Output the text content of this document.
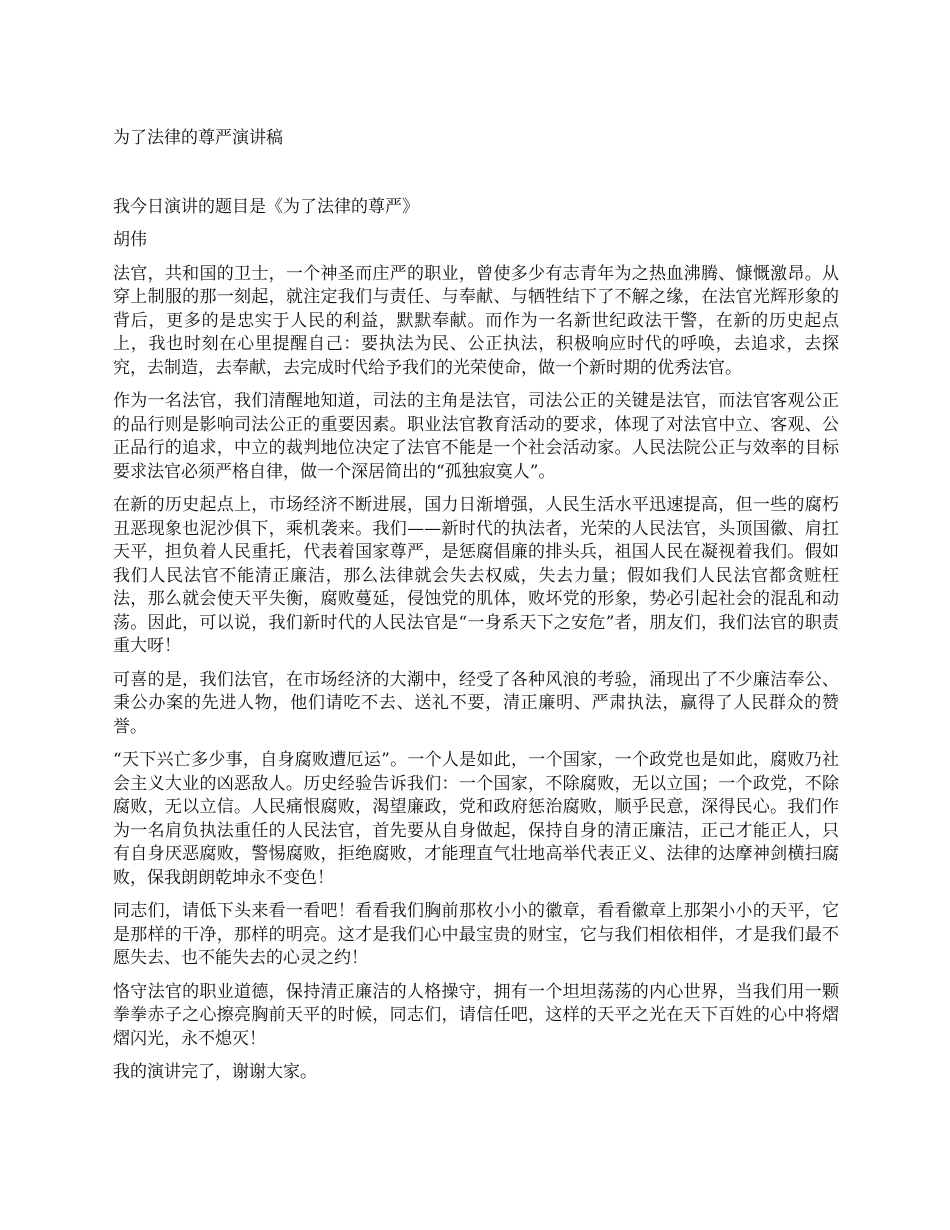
为了法律的尊严演讲稿
我今日演讲的题目是《为了法律的尊严》
胡伟

法官，共和国的卫士，一个神圣而庄严的职业，曾使多少有志青年为之热血沸腾、慷慨激昂。从穿上制服的那一刻起，就注定我们与责任、与奉献、与牺牲结下了不解之缘，在法官光辉形象的背后，更多的是忠实于人民的利益，默默奉献。而作为一名新世纪政法干警，在新的历史起点上，我也时刻在心里提醒自己：要执法为民、公正执法，积极响应时代的呼唤，去追求，去探究，去制造，去奉献，去完成时代给予我们的光荣使命，做一个新时期的优秀法官。

作为一名法官，我们清醒地知道，司法的主角是法官，司法公正的关键是法官，而法官客观公正的品行则是影响司法公正的重要因素。职业法官教育活动的要求，体现了对法官中立、客观、公正品行的追求，中立的裁判地位决定了法官不能是一个社会活动家。人民法院公正与效率的目标要求法官必须严格自律，做一个深居简出的“孤独寂寞人”。

在新的历史起点上，市场经济不断进展，国力日渐增强，人民生活水平迅速提高，但一些的腐朽丑恶现象也泥沙俱下，乘机袭来。我们——新时代的执法者，光荣的人民法官，头顶国徽、肩扛天平，担负着人民重托，代表着国家尊严，是惩腐倡廉的排头兵，祖国人民在凝视着我们。假如我们人民法官不能清正廉洁，那么法律就会失去权威，失去力量；假如我们人民法官都贪赃枉法，那么就会使天平失衡，腐败蔓延，侵蚀党的肌体，败坏党的形象，势必引起社会的混乱和动荡。因此，可以说，我们新时代的人民法官是“一身系天下之安危”者，朋友们，我们法官的职责重大呀！

可喜的是，我们法官，在市场经济的大潮中，经受了各种风浪的考验，涌现出了不少廉洁奉公、秉公办案的先进人物，他们请吃不去、送礼不要，清正廉明、严肃执法，赢得了人民群众的赞誉。

“天下兴亡多少事，自身腐败遭厄运”。一个人是如此，一个国家，一个政党也是如此，腐败乃社会主义大业的凶恶敌人。历史经验告诉我们：一个国家，不除腐败，无以立国；一个政党，不除腐败，无以立信。人民痛恨腐败，渴望廉政，党和政府惩治腐败，顺乎民意，深得民心。我们作为一名肩负执法重任的人民法官，首先要从自身做起，保持自身的清正廉洁，正己才能正人，只有自身厌恶腐败，警惕腐败，拒绝腐败，才能理直气壮地高举代表正义、法律的达摩神剑横扫腐败，保我朗朗乾坤永不变色！

同志们，请低下头来看一看吧！看看我们胸前那枚小小的徽章，看看徽章上那架小小的天平，它是那样的干净，那样的明亮。这才是我们心中最宝贵的财宝，它与我们相依相伴，才是我们最不愿失去、也不能失去的心灵之约！

恪守法官的职业道德，保持清正廉洁的人格操守，拥有一个坦坦荡荡的内心世界，当我们用一颗拳拳赤子之心擦亮胸前天平的时候，同志们，请信任吧，这样的天平之光在天下百姓的心中将熠熠闪光，永不熄灭！

我的演讲完了，谢谢大家。
